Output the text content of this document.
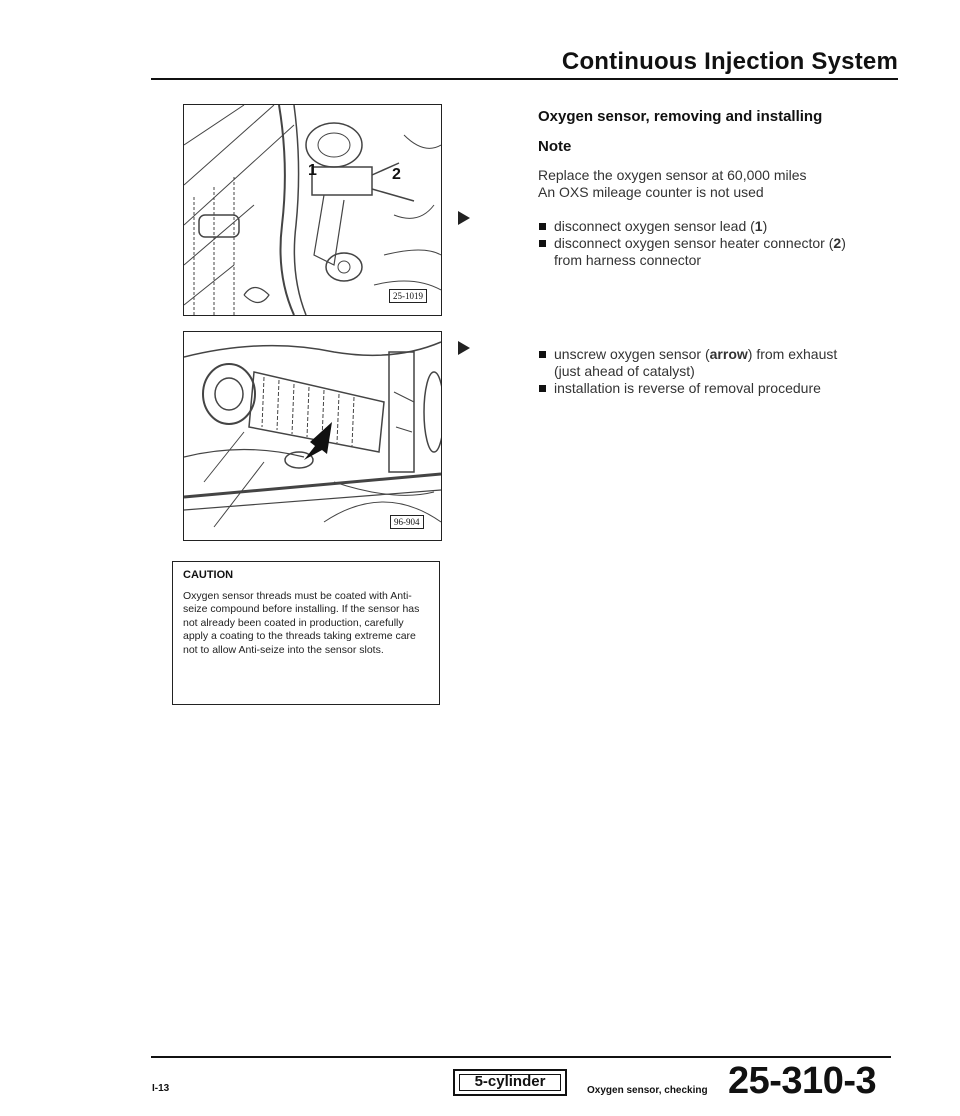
Continuous Injection System
1	2
25-1019
96-904
Oxygen sensor, removing and installing
Note
Replace the oxygen sensor at 60,000 miles
An OXS mileage counter is not used
disconnect oxygen sensor lead (1)
disconnect oxygen sensor heater connector (2) from harness connector
unscrew oxygen sensor (arrow) from exhaust (just ahead of catalyst)
installation is reverse of removal procedure
CAUTION
Oxygen sensor threads must be coated with Anti-seize compound before installing. If the sensor has not already been coated in production, carefully apply a coating to the threads taking extreme care not to allow Anti-seize into the sensor slots.
I-13	5-cylinder
Oxygen sensor, checking 25-310-3
